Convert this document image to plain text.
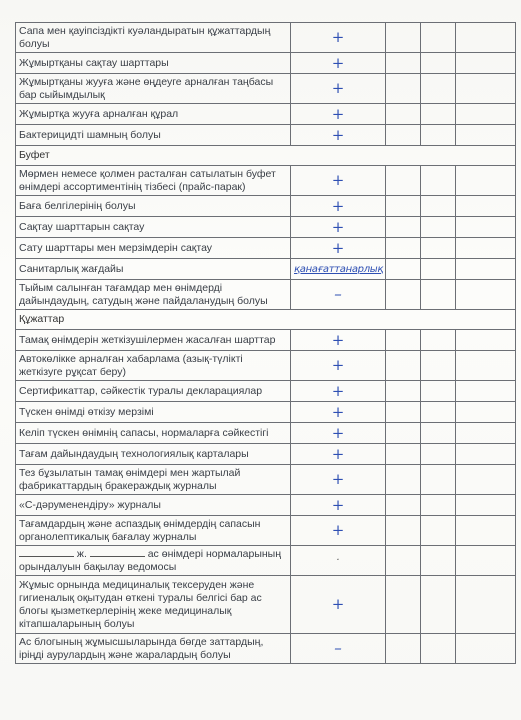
Сапа мен қауіпсіздікті куәландыратын құжаттардың болуы	+			
Жұмыртқаны сақтау шарттары	+			
Жұмыртқаны жууға және өңдеуге арналған таңбасы бар сыйымдылық	+			
Жұмыртқа жууға арналған құрал	+			
Бактерицидті шамның болуы	+			
Буфет				
Мөрмен немесе қолмен расталған сатылатын буфет өнімдері ассортиментінің тізбесі (прайс-парак)	+			
Баға белгілерінің болуы	+			
Сақтау шарттарын сақтау	+			
Сату шарттары мен мерзімдерін сақтау	+			
Санитарлық жағдайы	қанағаттанарлық			
Тыйым салынған тағамдар мен өнімдерді дайындаудың, сатудың және пайдаланудың болуы	–			
Құжаттар				
Тамақ өнімдерін жеткізушілермен жасалған шарттар	+			
Автокөлікке арналған хабарлама (азық-түлікті жеткізуге рұқсат беру)	+			
Сертификаттар, сәйкестік туралы декларациялар	+			
Түскен өнімді өткізу мерзімі	+			
Келіп түскен өнімнің сапасы, нормаларға сәйкестігі	+			
Тағам дайындаудың технологиялық карталары	+			
Тез бұзылатын тамақ өнімдері мен жартылай фабрикаттардың бракераждық журналы	+			
«С-дәруменендіру» журналы	+			
Тағамдардың және аспаздық өнімдердің сапасын органолептикалық бағалау журналы	+			
ж. ас өнімдері нормаларының орындалуын бақылау ведомосы	·			
Жұмыс орнында медициналық тексеруден және гигиеналық оқытудан өткені туралы белгісі бар ас блогы қызметкерлерінің жеке медициналық кітапшаларының болуы	+			
Ас блогының жұмысшыларында бөгде заттардың, іріңді аурулардың және жаралардың болуы	–			
